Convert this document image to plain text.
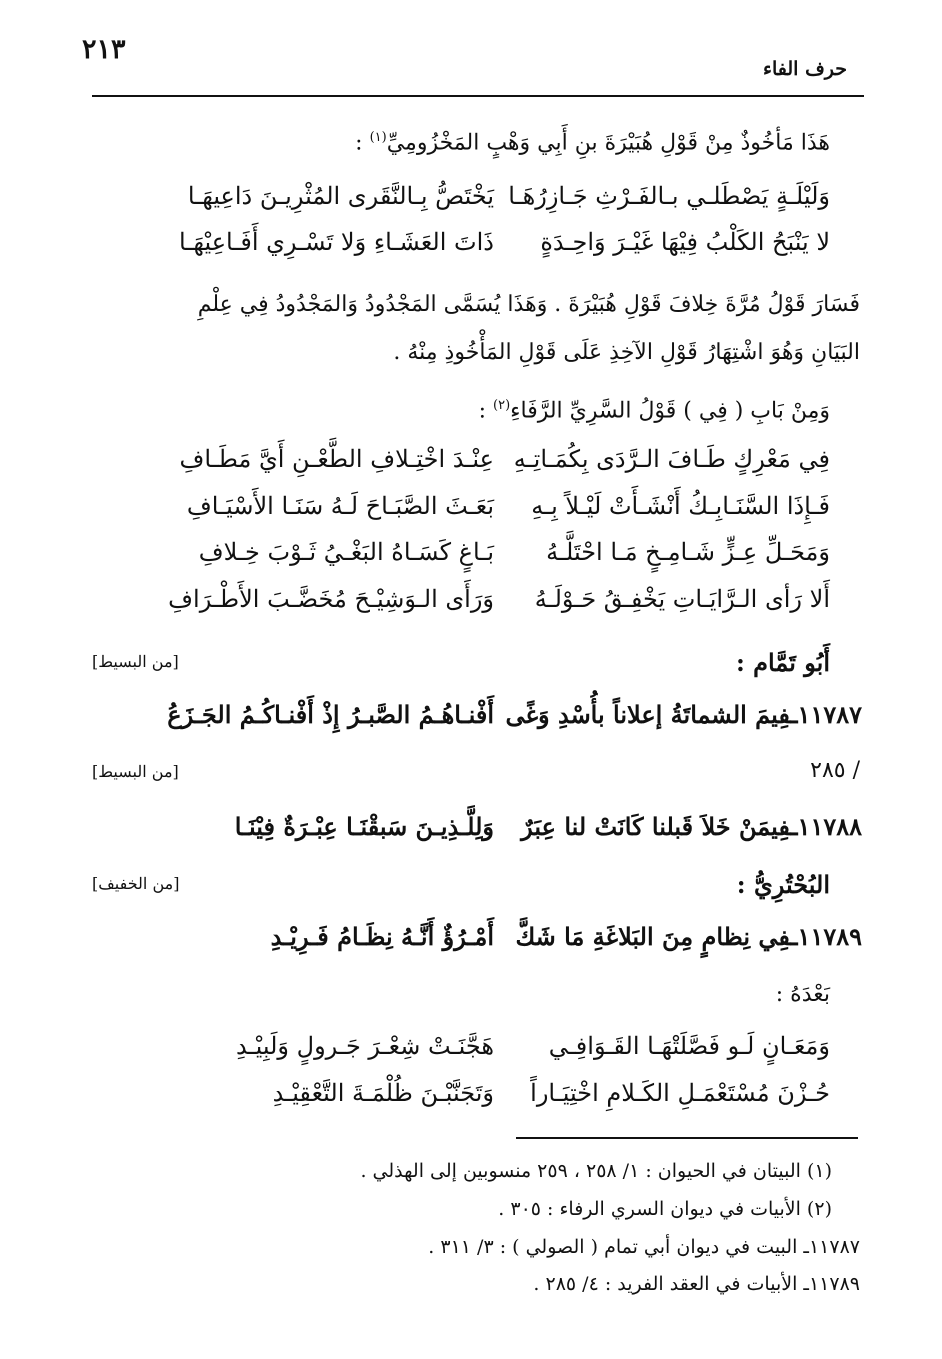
٢١٣
حرف الفاء
هَذَا مَأخُوذٌ مِنْ قَوْلِ هُبَيْرَةَ بنِ أَبِي وَهْبٍ المَخْزُومِيِّ$^{(١)}$ :
وَلَيْلَـةٍ يَصْطَلـي بـالفَـرْثِ جَـازِرُهَـا
يَخْتَصُّ بِـالنَّقَرى المُثْرِيـنَ دَاعِيهَـا
لا يَنْبَحُ الكَلْبُ فِيْهَا غَيْـرَ وَاحِـدَةٍ
ذَاتَ العَشَـاءِ وَلا تَسْـرِي أَفَـاعِيْهَـا
فَسَارَ قَوْلُ مُرَّةَ خِلافَ قَوْلِ هُبَيْرَةَ . وَهَذَا يُسَمَّى المَجْدُودُ وَالمَجْدُودُ فِي عِلْمِ
البَيَانِ وَهُوَ اشْتِهَارُ قَوْلِ الآخِذِ عَلَى قَوْلِ المَأْخُوذِ مِنْهُ .
وَمِنْ بَابِ ( فِي ) قَوْلُ السَّرِيِّ الرَّفَاءِ$^{(٢)}$ :
فِي مَعْرِكٍ طَـافَ الـرَّدَى بِكُمَـاتِـهِ
عِنْـدَ اخْتِـلافِ الطَّعْـنِ أَيَّ مَطَـافِ
فَـإِذَا السَّنَـابِـكُ أَنْشَـأَتْ لَيْـلاً بِـهِ
بَعَـثَ الصَّبَـاحَ لَـهُ سَنَـا الأَسْيَـافِ
وَمَحَـلِّ عِـزٍّ شَـامِـخٍ مَـا احْتَلَّـهُ
بَـاغٍ كَسَـاهُ البَغْـيُ ثَـوْبَ خِـلافِ
أَلا رَأى الـرَّايَـاتِ يَخْفِـقُ حَـوْلَـهُ
وَرَأَى الـوَشِيْـحَ مُخَضَّـبَ الأَطْـرَافِ
أَبُو تَمَّام :
[من البسيط]
١١٧٨٧ـفِيمَ الشماتَةُ إعلاناً بأُسْدِ وَغًى
أَفْنـاهُـمُ الصَّبـرُ إِذْ أَفْنـاكُـمُ الجَـزَعُ
/ ٢٨٥
[من البسيط]
١١٧٨٨ـفِيمَنْ خَلاَ قَبلنا كَانَتْ لنا عِبَرٌ
وَلِلَّـذِيـنَ سَبقْنَـا عِبْـرَةٌ فِيْنَـا
البُحْتُرِيُّ :
[من الخفيف]
١١٧٨٩ـفِي نِظامٍ مِنَ البَلاغَةِ مَا شَكَّ
أَمْـرُؤٌ أَنَّـهُ نِظَـامُ فَـرِيْـدِ
بَعْدَهُ :
وَمَعَـانٍ لَـو فَصَّلَتْهَـا القَـوَافِـي
هَجَّنَـتْ شِعْـرَ جَـرولٍ وَلَبِيْـدِ
حُـزْنَ مُسْتَعْمَـلِ الكَـلامِ اخْتِيَـاراً
وَتَجَنَّبْـنَ ظُلْمَـةَ التَّعْقِيْـدِ
(١) البيتان في الحيوان : ١/ ٢٥٨ ، ٢٥٩ منسوبين إلى الهذلي .
(٢) الأبيات في ديوان السري الرفاء : ٣٠٥ .
١١٧٨٧ـ البيت في ديوان أبي تمام ( الصولي ) : ٣/ ٣١١ .
١١٧٨٩ـ الأبيات في العقد الفريد : ٤/ ٢٨٥ .
